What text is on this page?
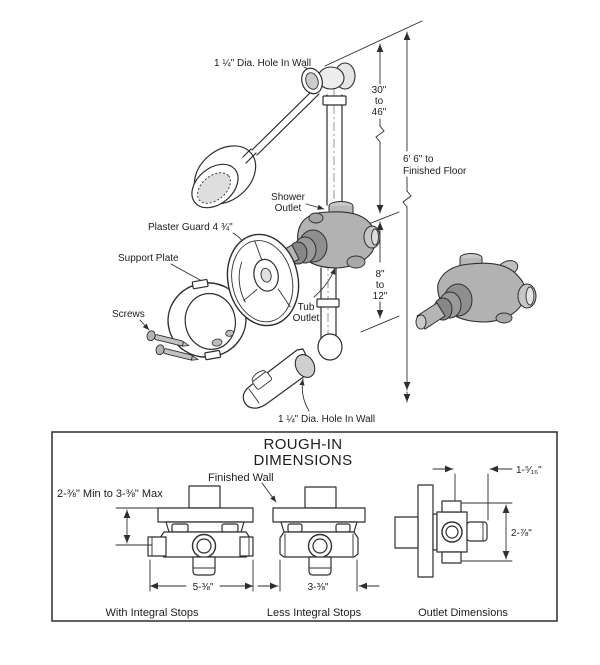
1 ¼" Dia. Hole In Wall
30"
to
46"
6' 6" to
Finished Floor
Shower
Outlet
Plaster Guard 4 ¾"
Support Plate
Screws
Tub
Outlet
8"
to
12"
1 ¼" Dia. Hole In Wall
ROUGH-IN
DIMENSIONS
Finished Wall
2-⅜" Min to 3-⅜" Max
5-⅜"	3-⅜"
1-⁵⁄₁₆"
2-⅞"
With Integral Stops	Less Integral Stops	Outlet Dimensions
